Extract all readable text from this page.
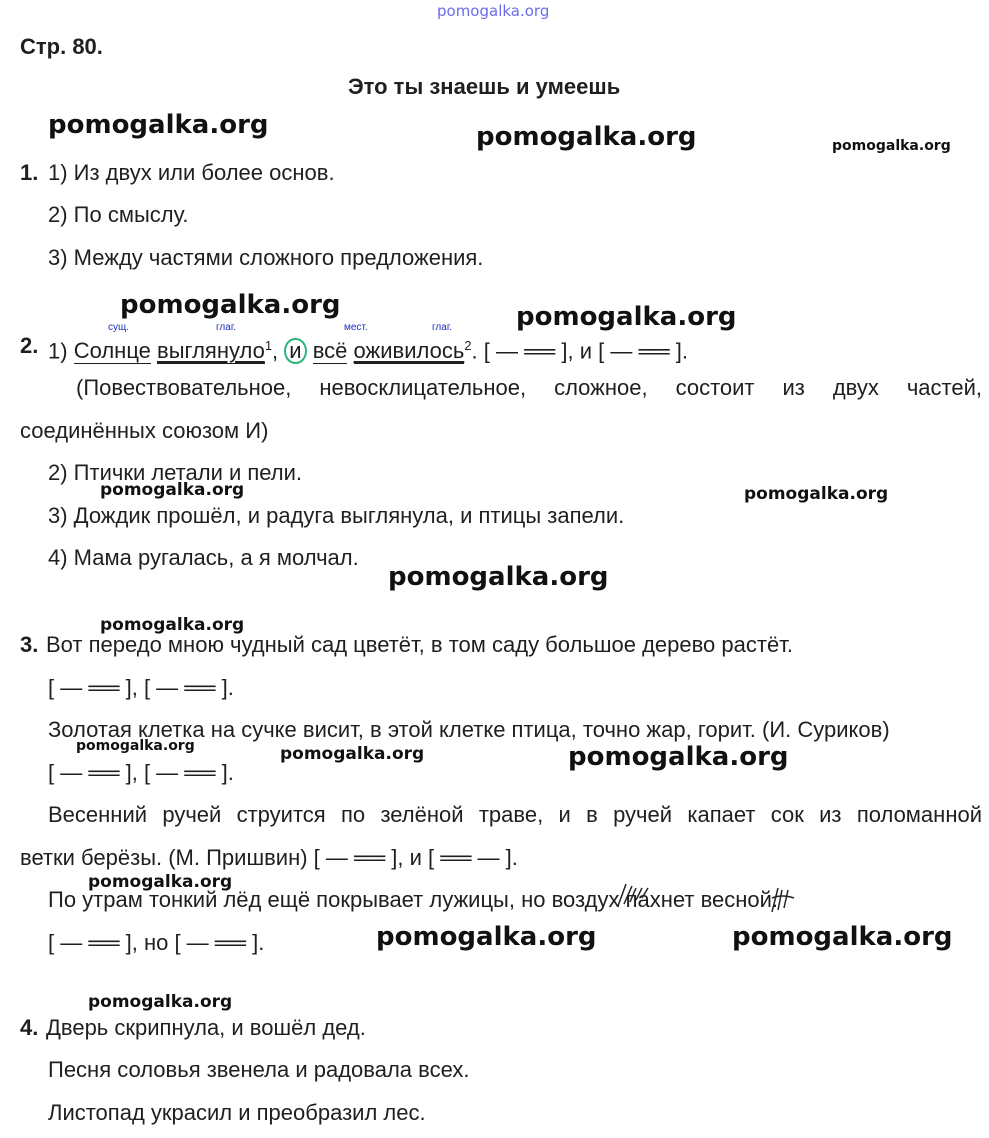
pomogalka.org
Стр. 80.
Это ты знаешь и умеешь
pomogalka.org	pomogalka.org	pomogalka.org
1. 1) Из двух или более основ.
2) По смыслу.
3) Между частями сложного предложения.
pomogalka.org	pomogalka.org
2.
сущ.	глаг.	мест.	глаг.
1) Солнце выглянуло$^1$, и всё оживилось$^2$. [ — ══ ], и [ — ══ ].
(Повествовательное, невосклицательное, сложное, состоит из двух частей,
соединённых союзом И)
2) Птички летали и пели.
pomogalka.org	pomogalka.org
3) Дождик прошёл, и радуга выглянула, и птицы запели.
4) Мама ругалась, а я молчал.
pomogalka.org
pomogalka.org
3. Вот передо мною чудный сад цветёт, в том саду большое дерево растёт.
[ — ══ ], [ — ══ ].
Золотая клетка на сучке висит, в этой клетке птица, точно жар, горит. (И. Суриков)
pomogalka.org	pomogalka.org	pomogalka.org
[ — ══ ], [ — ══ ].
Весенний ручей струится по зелёной траве, и в ручей капает сок из поломанной
ветки берёзы. (М. Пришвин) [ — ══ ], и [ ══ — ].
pomogalka.org
По утрам тонкий лёд ещё покрывает лужицы, но воздух пахнет весной.
[ — ══ ], но [ — ══ ].	pomogalka.org	pomogalka.org
pomogalka.org
4. Дверь скрипнула, и вошёл дед.
Песня соловья звенела и радовала всех.
Листопад украсил и преобразил лес.
